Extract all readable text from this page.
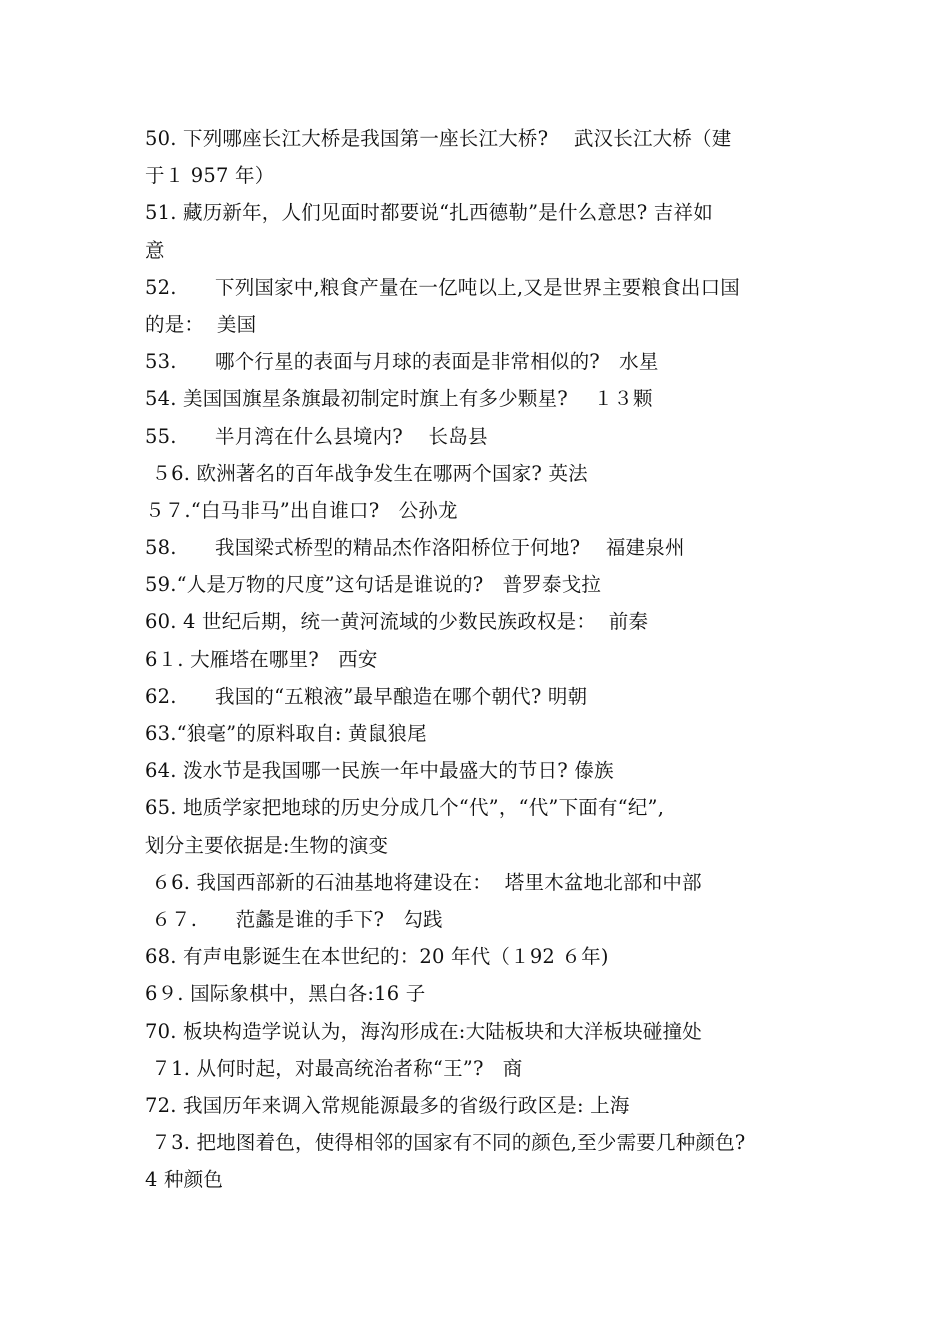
50. 下列哪座长江大桥是我国第一座长江大桥?    武汉长江大桥（建
于１ 957 年）
51. 藏历新年，人们见面时都要说“扎西德勒”是什么意思? 吉祥如
意
52.      下列国家中,粮食产量在一亿吨以上,又是世界主要粮食出口国
的是：  美国
53.      哪个行星的表面与月球的表面是非常相似的?   水星
54. 美国国旗星条旗最初制定时旗上有多少颗星?    １３颗
55.      半月湾在什么县境内?    长岛县
５6. 欧洲著名的百年战争发生在哪两个国家? 英法
５７.“白马非马”出自谁口?   公孙龙
58.      我国梁式桥型的精品杰作洛阳桥位于何地?    福建泉州
59.“人是万物的尺度”这句话是谁说的?   普罗泰戈拉
60. 4 世纪后期，统一黄河流域的少数民族政权是：  前秦
6１. 大雁塔在哪里?   西安
62.      我国的“五粮液”最早酿造在哪个朝代? 明朝
63.“狼毫”的原料取自: 黄鼠狼尾
64. 泼水节是我国哪一民族一年中最盛大的节日? 傣族
65. 地质学家把地球的历史分成几个“代”，“代”下面有“纪”,
划分主要依据是:生物的演变
６6. 我国西部新的石油基地将建设在：  塔里木盆地北部和中部
６７.      范蠡是谁的手下?   勾践
68. 有声电影诞生在本世纪的：20 年代（１92 ６年)
6９. 国际象棋中，黑白各:16 子
70. 板块构造学说认为，海沟形成在:大陆板块和大洋板块碰撞处
７1. 从何时起，对最高统治者称“王”?   商
72. 我国历年来调入常规能源最多的省级行政区是: 上海
７3. 把地图着色，使得相邻的国家有不同的颜色,至少需要几种颜色?
4 种颜色
